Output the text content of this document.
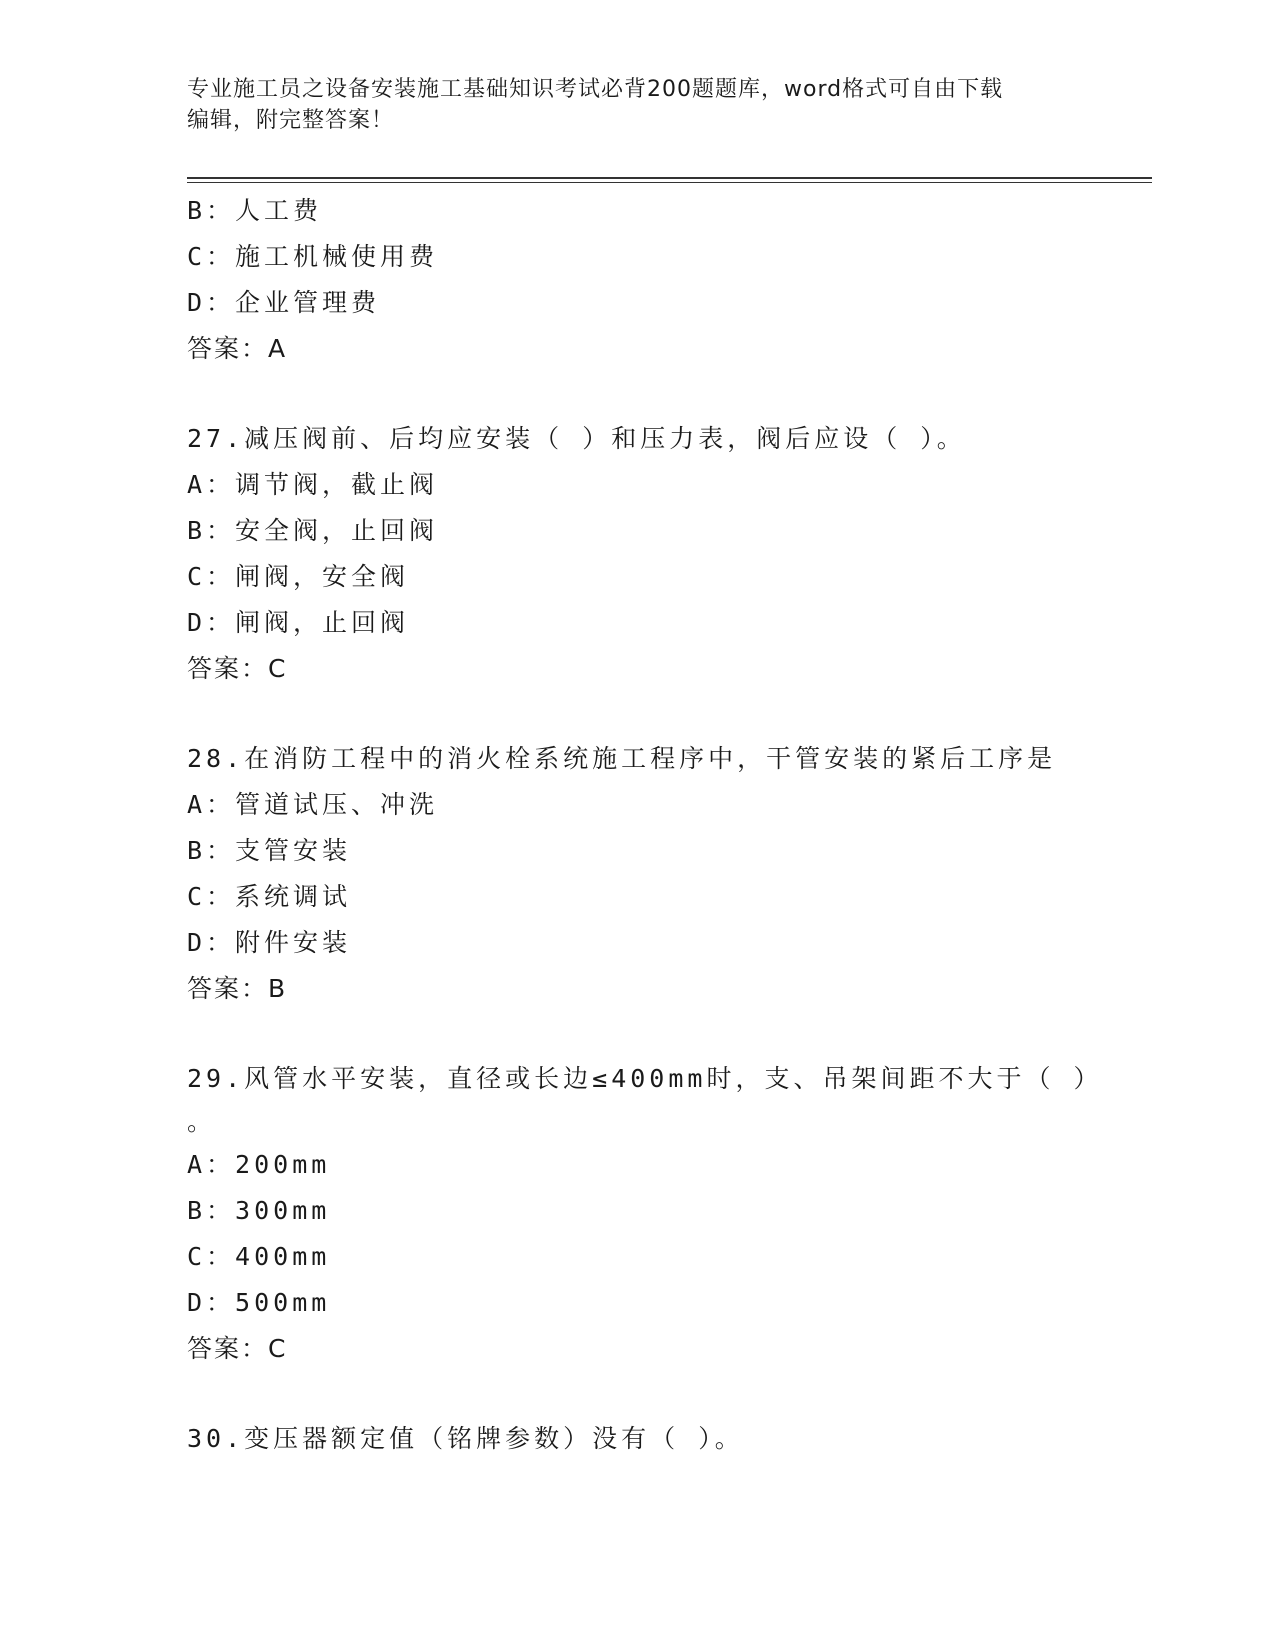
专业施工员之设备安装施工基础知识考试必背200题题库，word格式可自由下载
编辑，附完整答案！
B：人工费
C：施工机械使用费
D：企业管理费
答案：A
27.减压阀前、后均应安装（ ）和压力表，阀后应设（ ）。
A：调节阀，截止阀
B：安全阀，止回阀
C：闸阀，安全阀
D：闸阀，止回阀
答案：C
28.在消防工程中的消火栓系统施工程序中，干管安装的紧后工序是
A：管道试压、冲洗
B：支管安装
C：系统调试
D：附件安装
答案：B
29.风管水平安装，直径或长边≤400mm时，支、吊架间距不大于（ ）
。
A：200mm
B：300mm
C：400mm
D：500mm
答案：C
30.变压器额定值（铭牌参数）没有（ ）。
